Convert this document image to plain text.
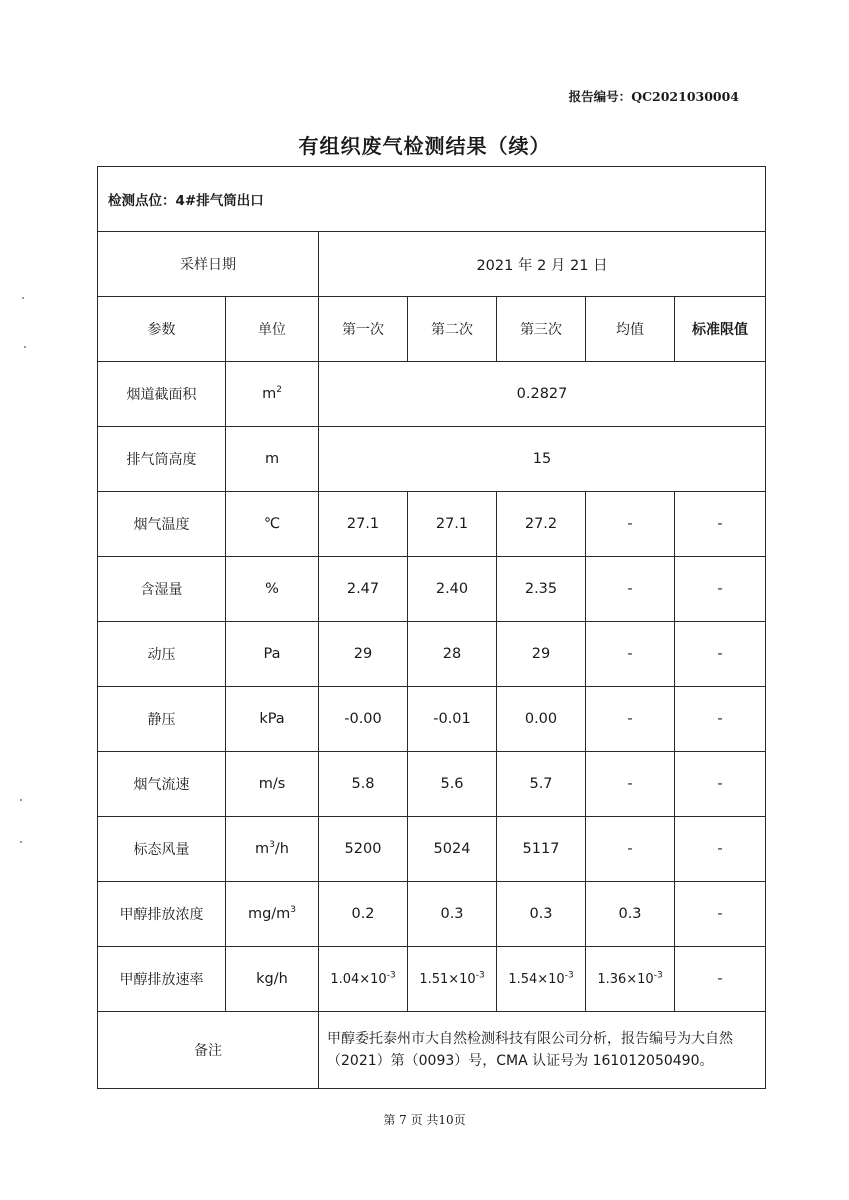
报告编号：QC2021030004
有组织废气检测结果（续）
检测点位：4#排气筒出口						
采样日期		2021 年 2 月 21 日				
参数	单位	第一次	第二次	第三次	均值	标准限值
烟道截面积	$m^2$	0.2827				
排气筒高度	m	15				
烟气温度	℃	27.1	27.1	27.2	-	-
含湿量	%	2.47	2.40	2.35	-	-
动压	Pa	29	28	29	-	-
静压	kPa	-0.00	-0.01	0.00	-	-
烟气流速	m/s	5.8	5.6	5.7	-	-
标态风量	$m^3/h$	5200	5024	5117	-	-
甲醇排放浓度	$mg/m^3$	0.2	0.3	0.3	0.3	-
甲醇排放速率	kg/h	$1.04\times 10^{-3}$	$1.51\times 10^{-3}$	$1.54\times 10^{-3}$	$1.36\times 10^{-3}$	-
备注		甲醇委托泰州市大自然检测科技有限公司分析，报告编号为大自然（2021）第（0093）号，CMA 认证号为 161012050490。				
第 7 页 共10页
